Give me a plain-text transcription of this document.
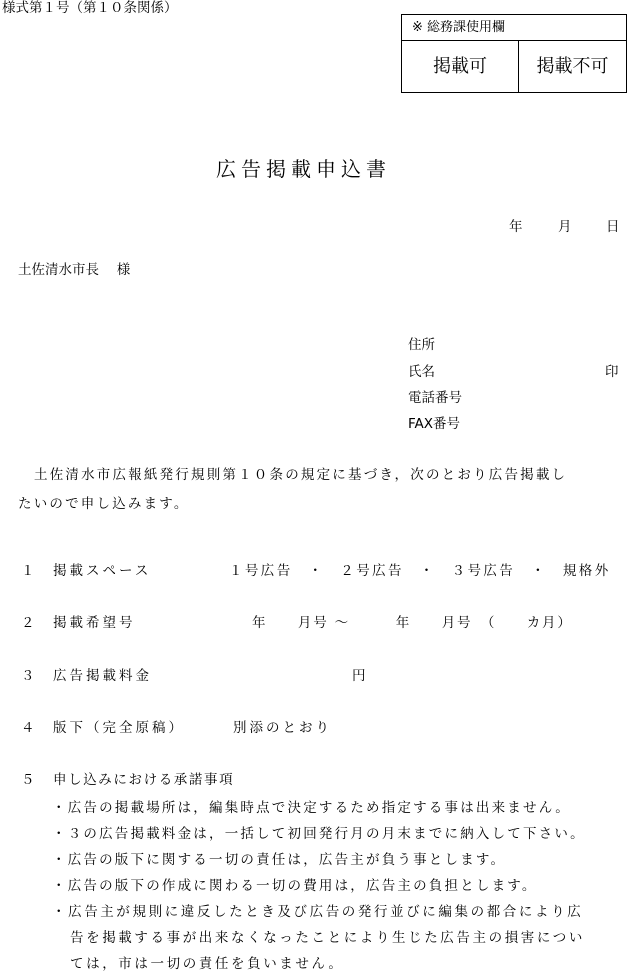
様式第１号（第１０条関係）
※ 総務課使用欄
掲載可	掲載不可
広告掲載申込書
年	月	日
土佐清水市長　 様
住所
氏名	印
電話番号
FAX番号
土佐清水市広報紙発行規則第１０条の規定に基づき，次のとおり広告掲載し
たいので申し込みます。
１ 掲載スペース	１号広告　・　２号広告　・　３号広告　・　規格外
２ 掲載希望号	年　　月号 ～　　　年　　月号　（　　カ月）
３ 広告掲載料金	円
４ 版下（完全原稿）	別添のとおり
５ 申し込みにおける承諾事項
・広告の掲載場所は，編集時点で決定するため指定する事は出来ません。
・３の広告掲載料金は，一括して初回発行月の月末までに納入して下さい。
・広告の版下に関する一切の責任は，広告主が負う事とします。
・広告の版下の作成に関わる一切の費用は，広告主の負担とします。
・広告主が規則に違反したとき及び広告の発行並びに編集の都合により広
告を掲載する事が出来なくなったことにより生じた広告主の損害につい
ては，市は一切の責任を負いません。
